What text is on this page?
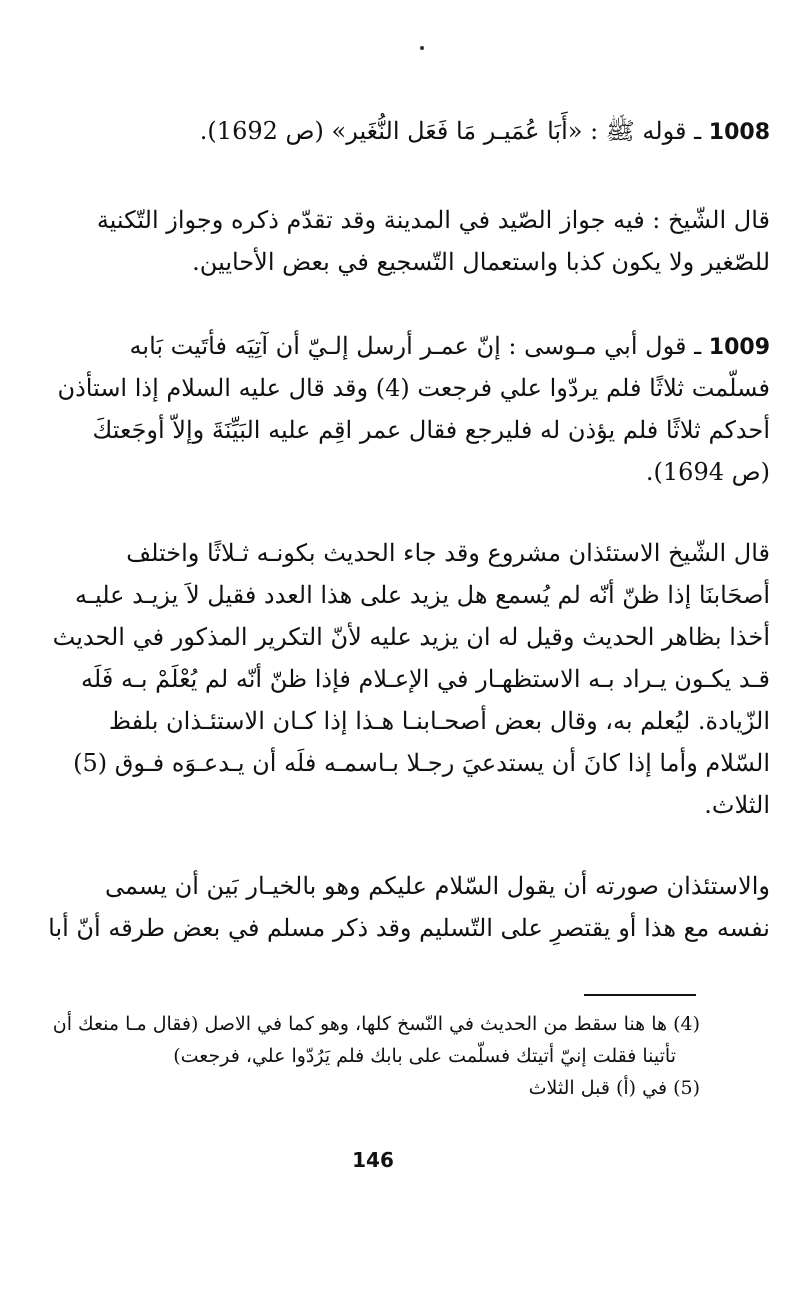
1008 ـ قوله ﷺ : «أَبَا عُمَيـر مَا فَعَل النُّغَير» (ص 1692).
قال الشّيخ : فيه جواز الصّيد في المدينة وقد تقدّم ذكره وجواز التّكنية
للصّغير ولا يكون كذبا واستعمال التّسجيع في بعض الأحايين.
1009 ـ قول أبي مـوسى : إنّ عمـر أرسل إلـيّ أن آتِيَه فأتَيت بَابه
فسلّمت ثلاثًا فلم يردّوا علي فرجعت (4) وقد قال عليه السلام إذا استأذن
أحدكم ثلاثًا فلم يؤذن له فليرجع فقال عمر اقِم عليه البَيِّنَةَ وإلاّ أوجَعتكَ
(ص 1694).
قال الشّيخ الاستئذان مشروع وقد جاء الحديث بكونـه ثـلاثًا واختلف
أصحَابنَا إذا ظنّ أنّه لم يُسمع هل يزيد على هذا العدد فقيل لاَ يزيـد عليـه
أخذا بظاهر الحديث وقيل له ان يزيد عليه لأنّ التكرير المذكور في الحديث
قـد يكـون يـراد بـه الاستظهـار في الإعـلام فإذا ظنّ أنّه لم يُعْلَمْ بـه فَلَه
الزّيادة. ليُعلم به، وقال بعض أصحـابنـا هـذا إذا كـان الاستئـذان بلفظ
السّلام وأما إذا كانَ أن يستدعيَ رجـلا بـاسمـه فلَه أن يـدعـوَه فـوق (5)
الثلاث.
والاستئذان صورته أن يقول السّلام عليكم وهو بالخيـار بَين أن يسمى
نفسه مع هذا أو يقتصرِ على التّسليم وقد ذكر مسلم في بعض طرقه أنّ أبا
(4) ها هنا سقط من الحديث في النّسخ كلها، وهو كما في الاصل (فقال مـا منعك أن
تأتينا فقلت إنيّ أتيتك فسلّمت على بابك فلم يَرُدّوا علي، فرجعت)
(5) في (أ) قبل الثلاث
146
